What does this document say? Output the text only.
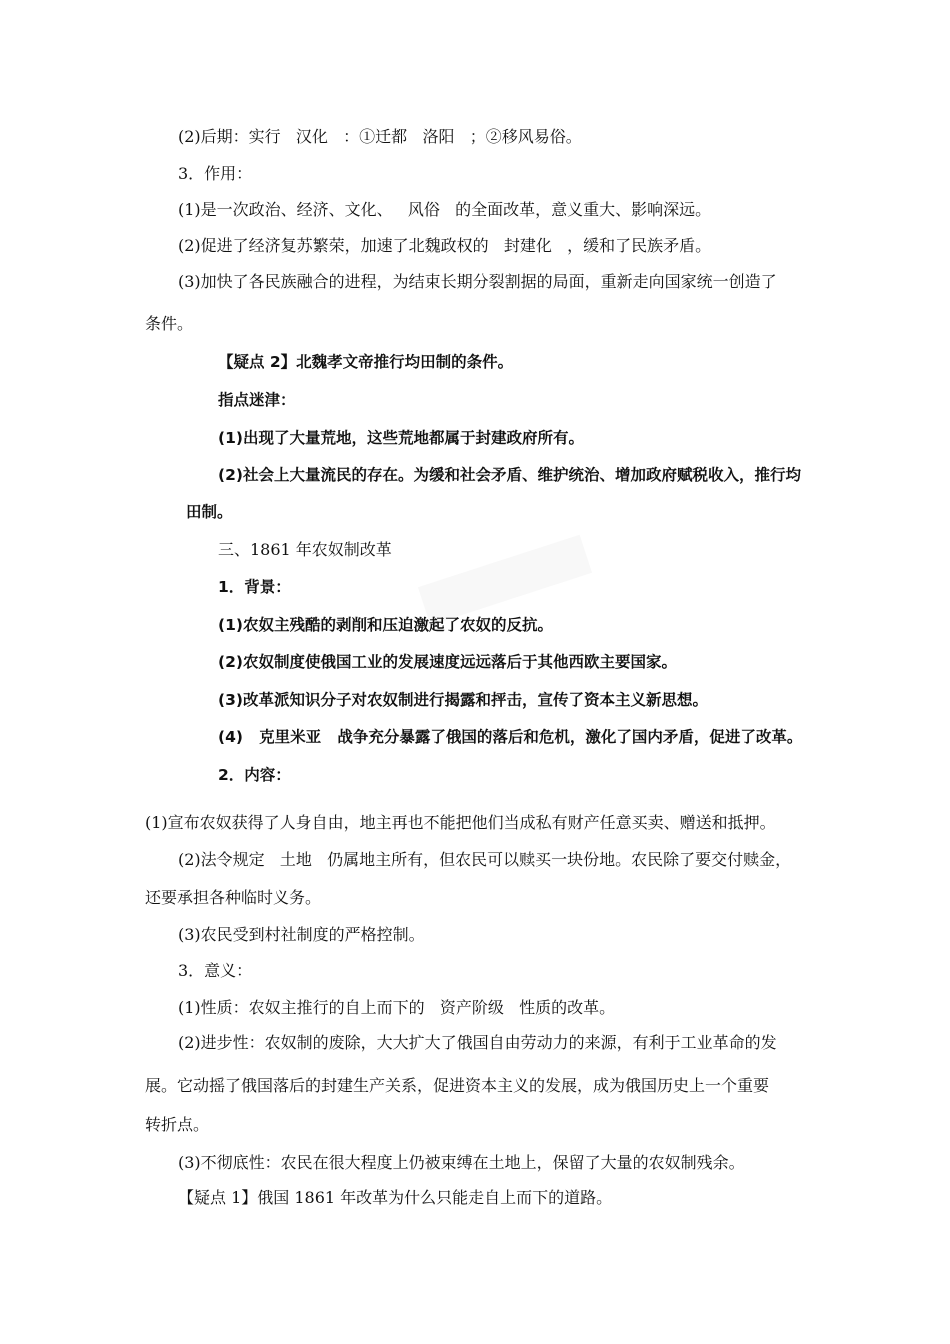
(2)后期：实行   汉化   ：①迁都   洛阳   ；②移风易俗。
3．作用：
(1)是一次政治、经济、文化、   风俗   的全面改革，意义重大、影响深远。
(2)促进了经济复苏繁荣，加速了北魏政权的   封建化   ，缓和了民族矛盾。
(3)加快了各民族融合的进程，为结束长期分裂割据的局面，重新走向国家统一创造了
条件。
【疑点 2】北魏孝文帝推行均田制的条件。
指点迷津：
(1)出现了大量荒地，这些荒地都属于封建政府所有。
(2)社会上大量流民的存在。为缓和社会矛盾、维护统治、增加政府赋税收入，推行均
田制。
三、1861 年农奴制改革
1．背景：
(1)农奴主残酷的剥削和压迫激起了农奴的反抗。
(2)农奴制度使俄国工业的发展速度远远落后于其他西欧主要国家。
(3)改革派知识分子对农奴制进行揭露和抨击，宣传了资本主义新思想。
(4)   克里米亚   战争充分暴露了俄国的落后和危机，激化了国内矛盾，促进了改革。
2．内容：
(1)宣布农奴获得了人身自由，地主再也不能把他们当成私有财产任意买卖、赠送和抵押。
(2)法令规定   土地   仍属地主所有，但农民可以赎买一块份地。农民除了要交付赎金，
还要承担各种临时义务。
(3)农民受到村社制度的严格控制。
3．意义：
(1)性质：农奴主推行的自上而下的   资产阶级   性质的改革。
(2)进步性：农奴制的废除，大大扩大了俄国自由劳动力的来源，有利于工业革命的发
展。它动摇了俄国落后的封建生产关系，促进资本主义的发展，成为俄国历史上一个重要
转折点。
(3)不彻底性：农民在很大程度上仍被束缚在土地上，保留了大量的农奴制残余。
【疑点 1】俄国 1861 年改革为什么只能走自上而下的道路。
